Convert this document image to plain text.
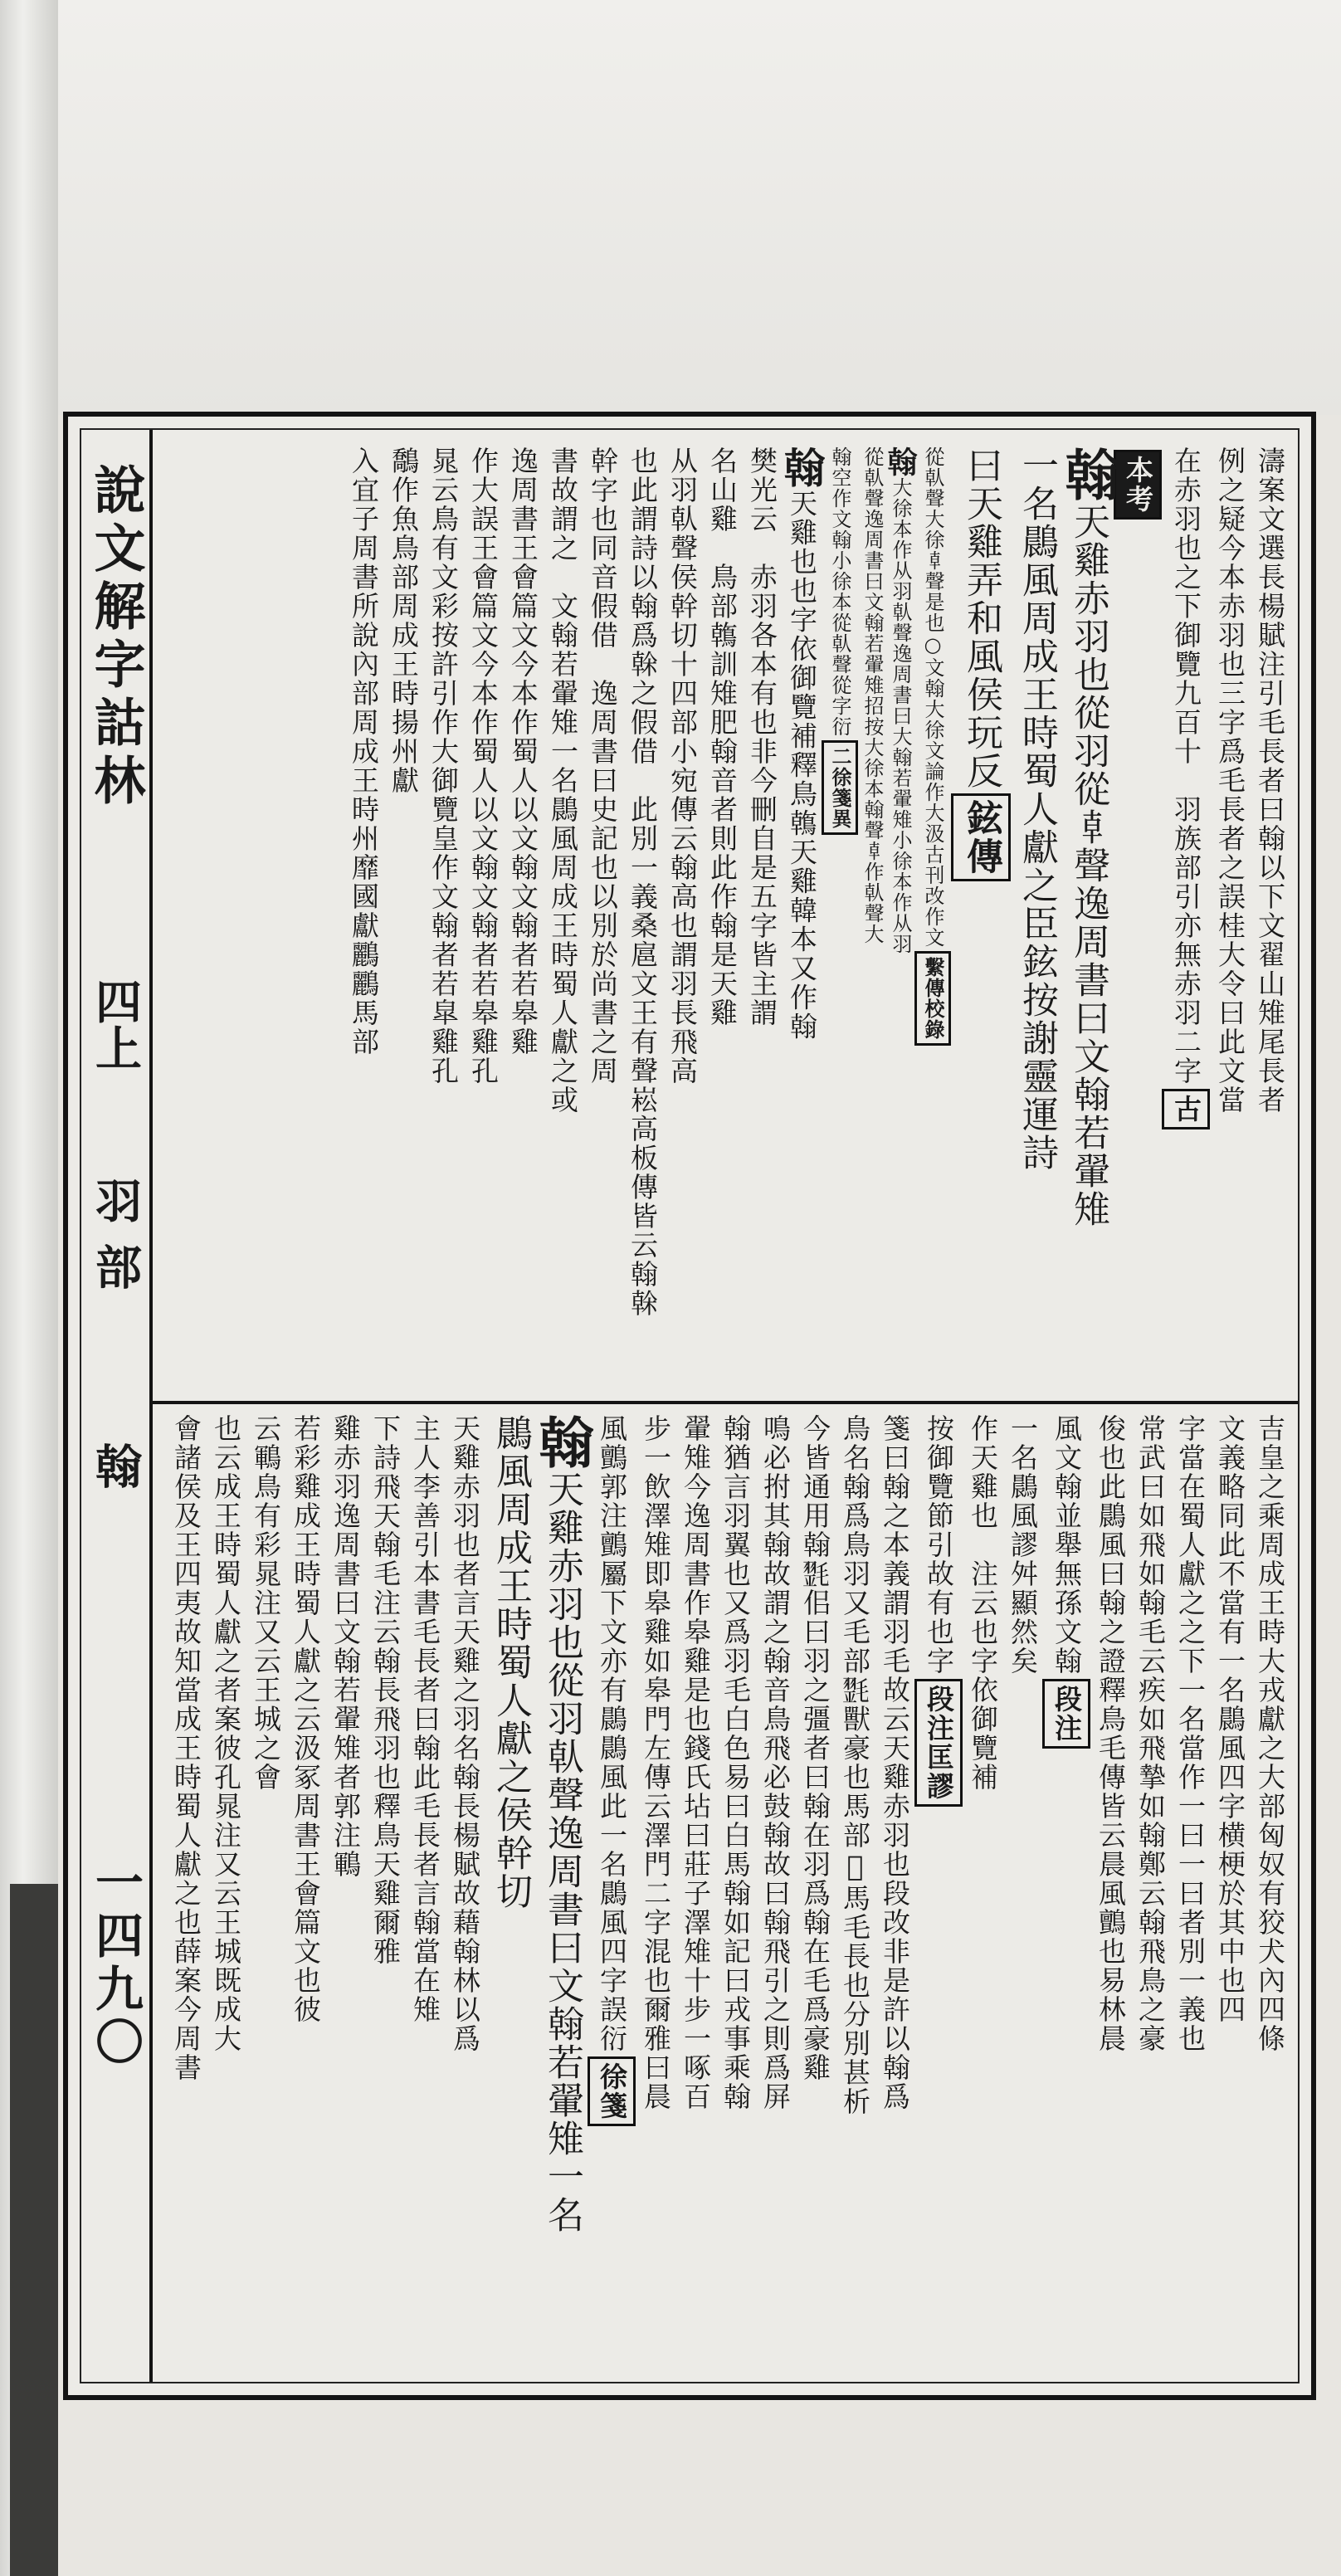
說文解字詁林
四上
羽部
翰
一四九〇
濤案文選長楊賦注引毛長者曰翰以下文翟山雉尾長者
例之疑今本赤羽也三字爲毛長者之誤桂大令曰此文當
在赤羽也之下御覽九百十　羽族部引亦無赤羽二字古
本考
翰天雞赤羽也從羽從𠦝聲逸周書曰文翰若翬雉
一名鷐風周成王時蜀人獻之臣鉉按謝靈運詩
曰天雞弄和風侯玩反鉉傳
從倝聲大徐𠦝聲是也○文翰大徐文論作大汲古刊改作文繫傳校錄
翰大徐本作从羽倝聲逸周書曰大翰若翬雉小徐本作从羽
從倝聲逸周書曰文翰若翬雉招按大徐本翰聲𠦝作倝聲大
翰空作文翰小徐本從倝聲從字衍二徐箋異
翰天雞也也字依御覽補釋鳥鶾天雞韓本又作翰
樊光云　赤羽各本有也非今刪自是五字皆主謂
名山雞　鳥部鶾訓雉肥翰音者則此作翰是天雞
从羽倝聲侯幹切十四部小宛傳云翰高也謂羽長飛高
也此謂詩以翰爲榦之假借　此別一義桑扈文王有聲崧高板傳皆云翰榦
幹字也同音假借　逸周書曰史記也以別於尚書之周
書故謂之　文翰若翬雉一名鷐風周成王時蜀人獻之或
逸周書王會篇文今本作蜀人以文翰文翰者若皋雞
作大誤王會篇文今本作蜀人以文翰文翰者若皋雞孔
晁云鳥有文彩按許引作大御覽皇作文翰者若皐雞孔
鷮作魚鳥部周成王時揚州獻
入宜子周書所說內部周成王時州靡國獻鸝鸝馬部
吉皇之乘周成王時大戎獻之大部匈奴有狡犬內四條
文義略同此不當有一名鷐風四字横梗於其中也四
字當在蜀人獻之之下一名當作一曰一曰者別一義也
常武曰如飛如翰毛云疾如飛摯如翰鄭云翰飛鳥之豪
俊也此鷐風曰翰之證釋鳥毛傳皆云晨風鸇也易林晨
風文翰並舉無孫文翰段注
一名鷐風謬舛顯然矣
作天雞也　注云也字依御覽補
按御覽節引故有也字段注匡謬
箋曰翰之本義謂羽毛故云天雞赤羽也段改非是許以翰爲
鳥名翰爲鳥羽又毛部𣯰獸豪也馬部𩣜馬毛長也分別甚析
今皆通用翰𣯰佀曰羽之彊者曰翰在羽爲翰在毛爲豪雞
鳴必拊其翰故謂之翰音鳥飛必鼓翰故曰翰飛引之則爲屏
翰猶言羽翼也又爲羽毛白色易曰白馬翰如記曰戎事乘翰
翬雉今逸周書作皋雞是也錢氏坫曰莊子澤雉十步一啄百
步一飲澤雉即皋雞如皋門左傳云澤門二字混也爾雅曰晨
風鸇郭注鸇屬下文亦有鷐鷐風此一名鷐風四字誤衍徐箋
翰天雞赤羽也從羽倝聲逸周書曰文翰若翬雉一名
鷐風周成王時蜀人獻之侯幹切
天雞赤羽也者言天雞之羽名翰長楊賦故藉翰林以爲
主人李善引本書毛長者曰翰此毛長者言翰當在雉
下詩飛天翰毛注云翰長飛羽也釋鳥天雞爾雅
雞赤羽逸周書曰文翰若翬雉者郭注鶤
若彩雞成王時蜀人獻之云汲冢周書王會篇文也彼
云鶤鳥有彩晁注又云王城之會
也云成王時蜀人獻之者案彼孔晁注又云王城既成大
會諸侯及王四夷故知當成王時蜀人獻之也薛案今周書
